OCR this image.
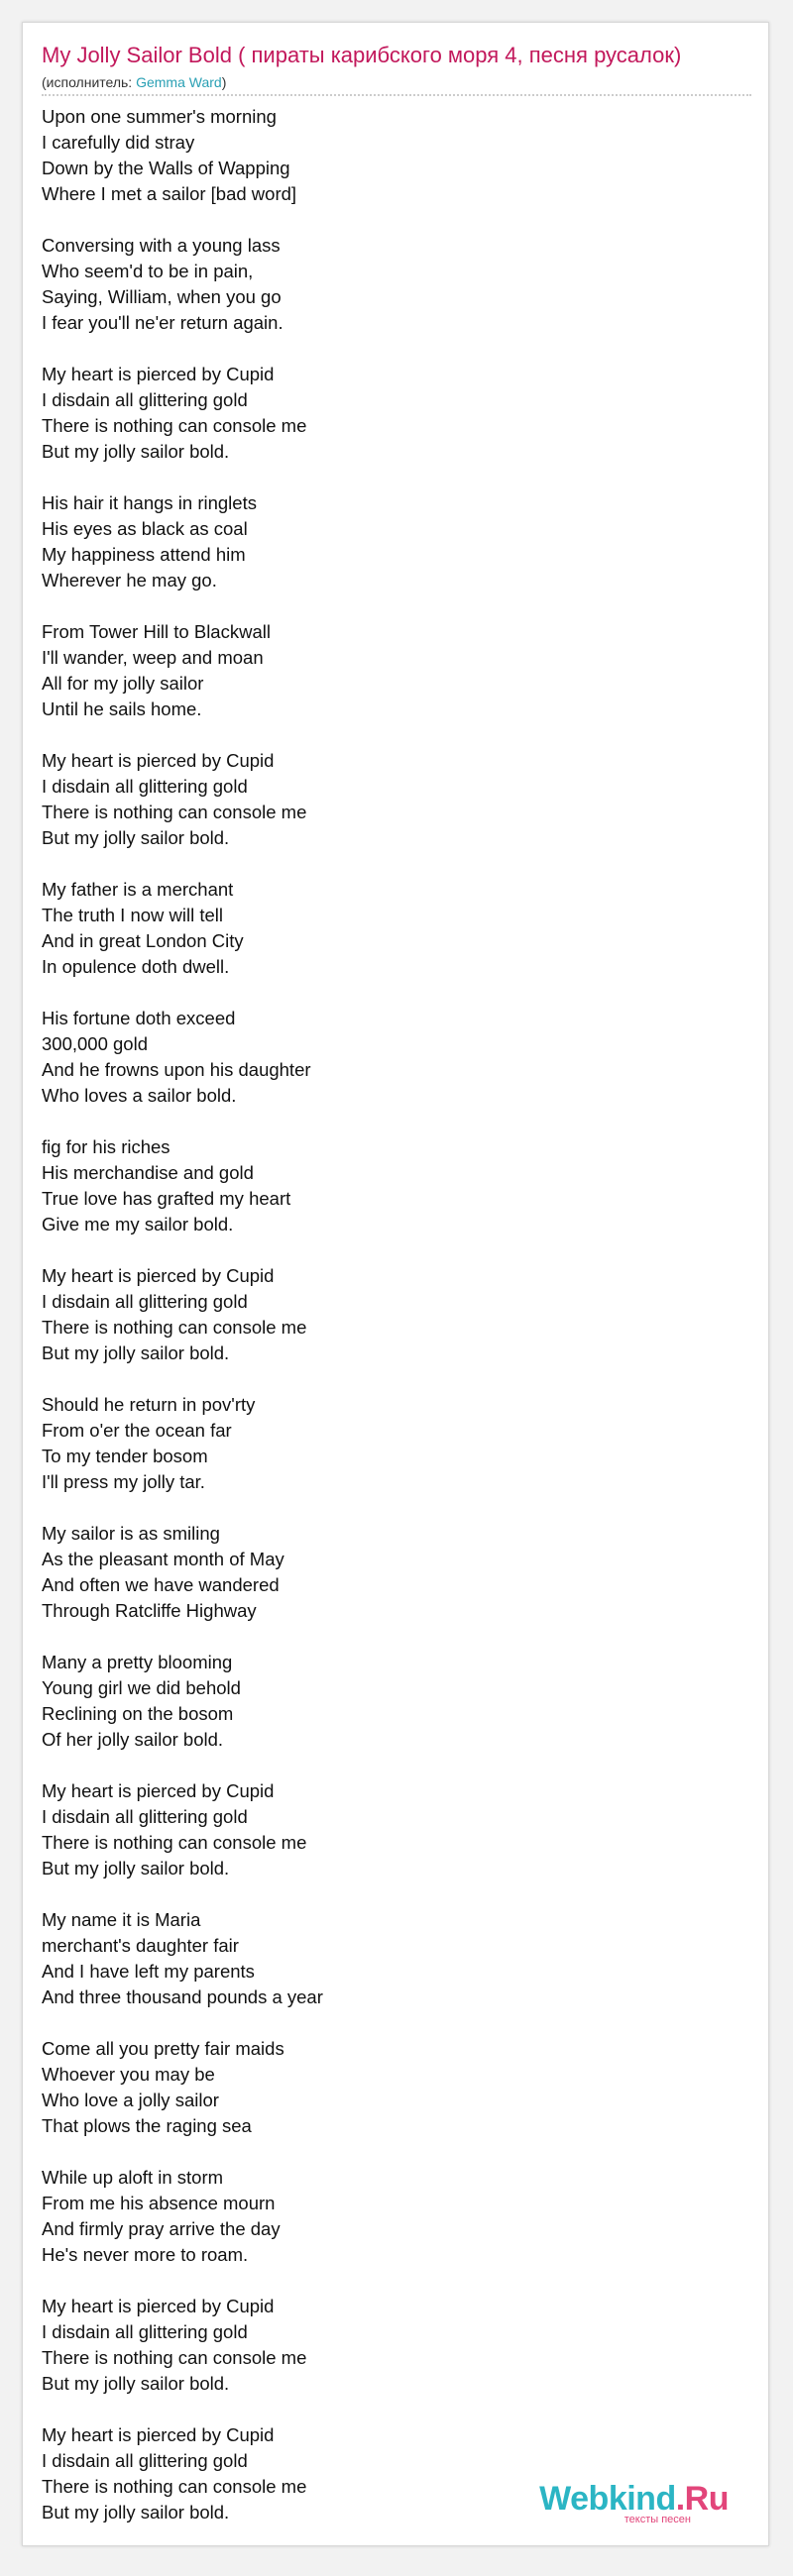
My Jolly Sailor Bold ( пираты карибского моря 4, песня русалок)
(исполнитель: Gemma Ward)
Upon one summer's morning
I carefully did stray
Down by the Walls of Wapping
Where I met a sailor [bad word]
Conversing with a young lass
Who seem'd to be in pain,
Saying, William, when you go
I fear you'll ne'er return again.
My heart is pierced by Cupid
I disdain all glittering gold
There is nothing can console me
But my jolly sailor bold.
His hair it hangs in ringlets
His eyes as black as coal
My happiness attend him
Wherever he may go.
From Tower Hill to Blackwall
I'll wander, weep and moan
All for my jolly sailor
Until he sails home.
My heart is pierced by Cupid
I disdain all glittering gold
There is nothing can console me
But my jolly sailor bold.
My father is a merchant
The truth I now will tell
And in great London City
In opulence doth dwell.
His fortune doth exceed
300,000 gold
And he frowns upon his daughter
Who loves a sailor bold.
fig for his riches
His merchandise and gold
True love has grafted my heart
Give me my sailor bold.
My heart is pierced by Cupid
I disdain all glittering gold
There is nothing can console me
But my jolly sailor bold.
Should he return in pov'rty
From o'er the ocean far
To my tender bosom
I'll press my jolly tar.
My sailor is as smiling
As the pleasant month of May
And often we have wandered
Through Ratcliffe Highway
Many a pretty blooming
Young girl we did behold
Reclining on the bosom
Of her jolly sailor bold.
My heart is pierced by Cupid
I disdain all glittering gold
There is nothing can console me
But my jolly sailor bold.
My name it is Maria
merchant's daughter fair
And I have left my parents
And three thousand pounds a year
Come all you pretty fair maids
Whoever you may be
Who love a jolly sailor
That plows the raging sea
While up aloft in storm
From me his absence mourn
And firmly pray arrive the day
He's never more to roam.
My heart is pierced by Cupid
I disdain all glittering gold
There is nothing can console me
But my jolly sailor bold.
My heart is pierced by Cupid
I disdain all glittering gold
There is nothing can console me
But my jolly sailor bold.	Webkind.Ru
тексты песен
